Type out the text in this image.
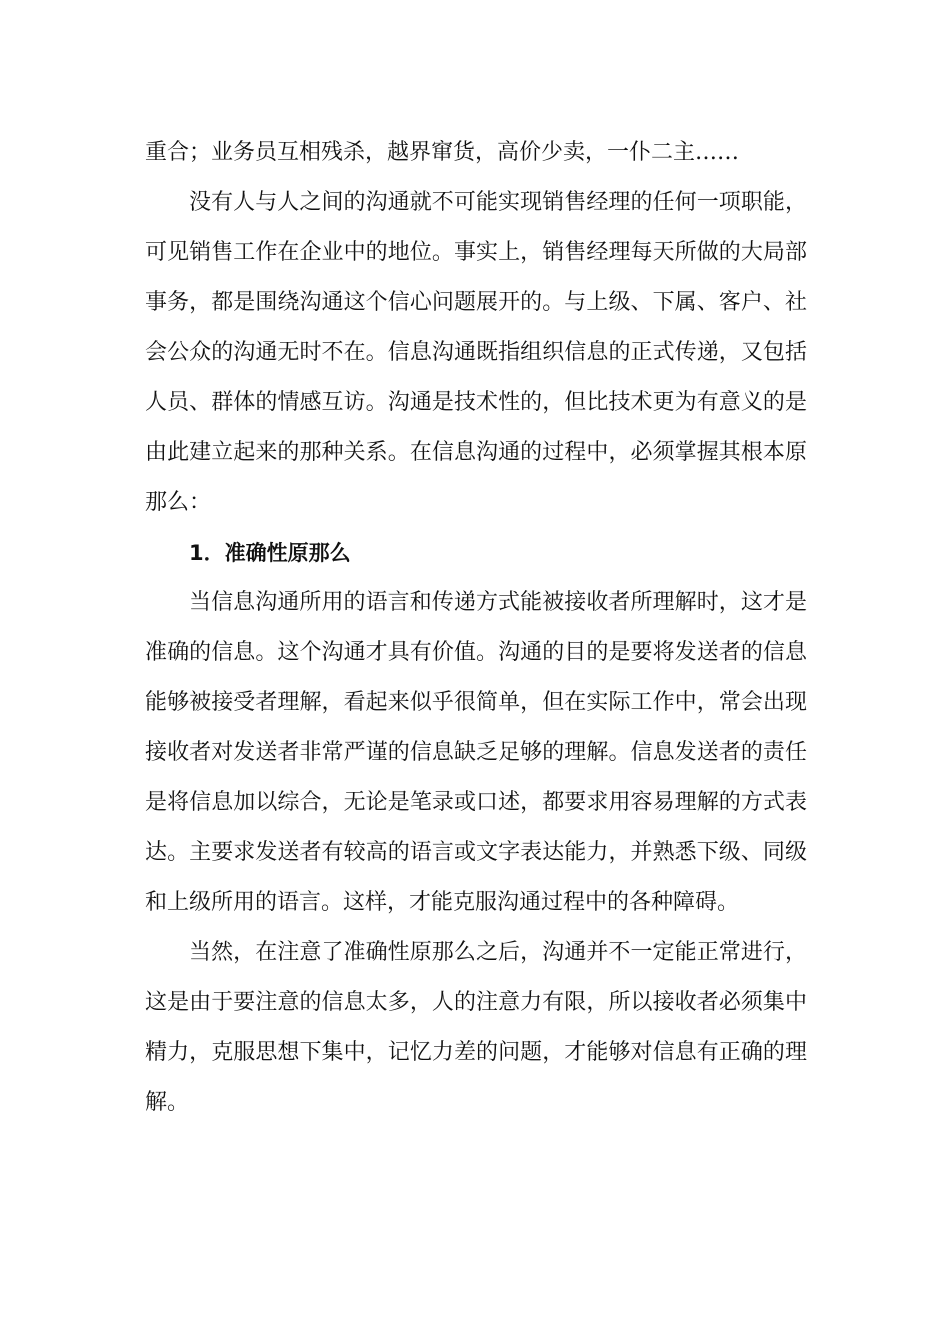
重合；业务员互相残杀，越界窜货，高价少卖，一仆二主……

没有人与人之间的沟通就不可能实现销售经理的任何一项职能，可见销售工作在企业中的地位。事实上，销售经理每天所做的大局部事务，都是围绕沟通这个信心问题展开的。与上级、下属、客户、社会公众的沟通无时不在。信息沟通既指组织信息的正式传递，又包括人员、群体的情感互访。沟通是技术性的，但比技术更为有意义的是由此建立起来的那种关系。在信息沟通的过程中，必须掌握其根本原那么：

1．准确性原那么

当信息沟通所用的语言和传递方式能被接收者所理解时，这才是准确的信息。这个沟通才具有价值。沟通的目的是要将发送者的信息能够被接受者理解，看起来似乎很简单，但在实际工作中，常会出现接收者对发送者非常严谨的信息缺乏足够的理解。信息发送者的责任是将信息加以综合，无论是笔录或口述，都要求用容易理解的方式表达。主要求发送者有较高的语言或文字表达能力，并熟悉下级、同级和上级所用的语言。这样，才能克服沟通过程中的各种障碍。

当然，在注意了准确性原那么之后，沟通并不一定能正常进行，这是由于要注意的信息太多，人的注意力有限，所以接收者必须集中精力，克服思想下集中，记忆力差的问题，才能够对信息有正确的理解。
